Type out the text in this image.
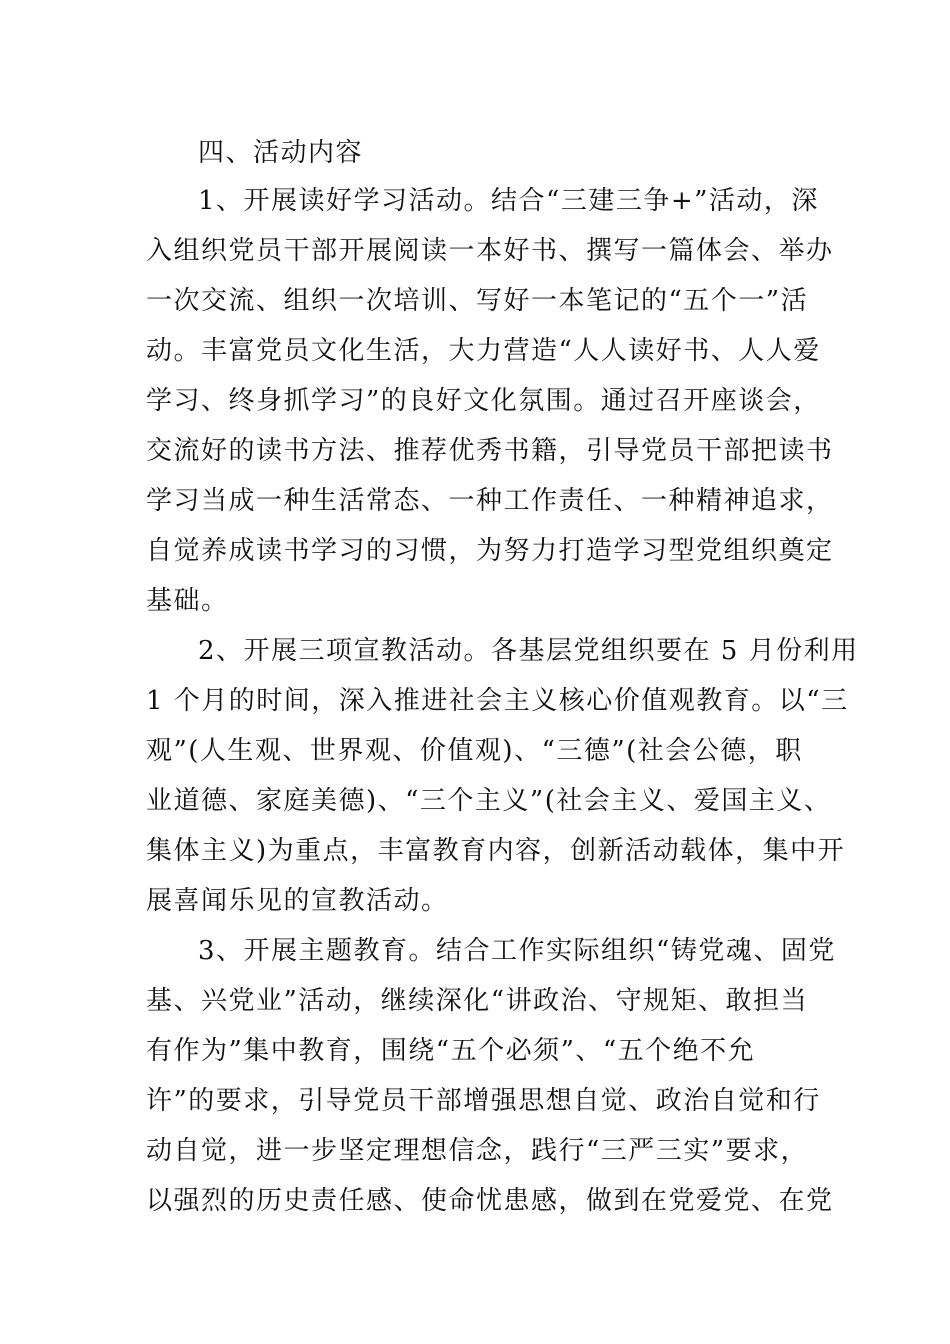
四、活动内容

1、开展读好学习活动。结合“三建三争+”活动，深

入组织党员干部开展阅读一本好书、撰写一篇体会、举办

一次交流、组织一次培训、写好一本笔记的“五个一”活

动。丰富党员文化生活，大力营造“人人读好书、人人爱

学习、终身抓学习”的良好文化氛围。通过召开座谈会，

交流好的读书方法、推荐优秀书籍，引导党员干部把读书

学习当成一种生活常态、一种工作责任、一种精神追求，

自觉养成读书学习的习惯，为努力打造学习型党组织奠定

基础。

2、开展三项宣教活动。各基层党组织要在 5 月份利用

1 个月的时间，深入推进社会主义核心价值观教育。以“三

观”(人生观、世界观、价值观)、“三德”(社会公德，职

业道德、家庭美德)、“三个主义”(社会主义、爱国主义、

集体主义)为重点，丰富教育内容，创新活动载体，集中开

展喜闻乐见的宣教活动。

3、开展主题教育。结合工作实际组织“铸党魂、固党

基、兴党业”活动，继续深化“讲政治、守规矩、敢担当

有作为”集中教育，围绕“五个必须”、“五个绝不允

许”的要求，引导党员干部增强思想自觉、政治自觉和行

动自觉，进一步坚定理想信念，践行“三严三实”要求，

以强烈的历史责任感、使命忧患感，做到在党爱党、在党
